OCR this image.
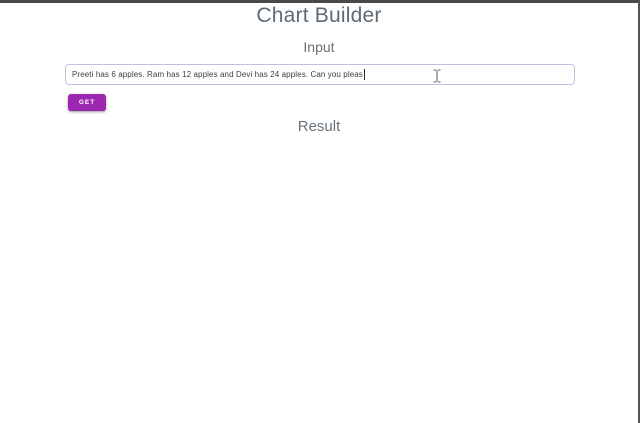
Chart Builder
Input
Preeti has 6 apples. Ram has 12 apples and Devi has 24 apples. Can you pleas
GET
Result
